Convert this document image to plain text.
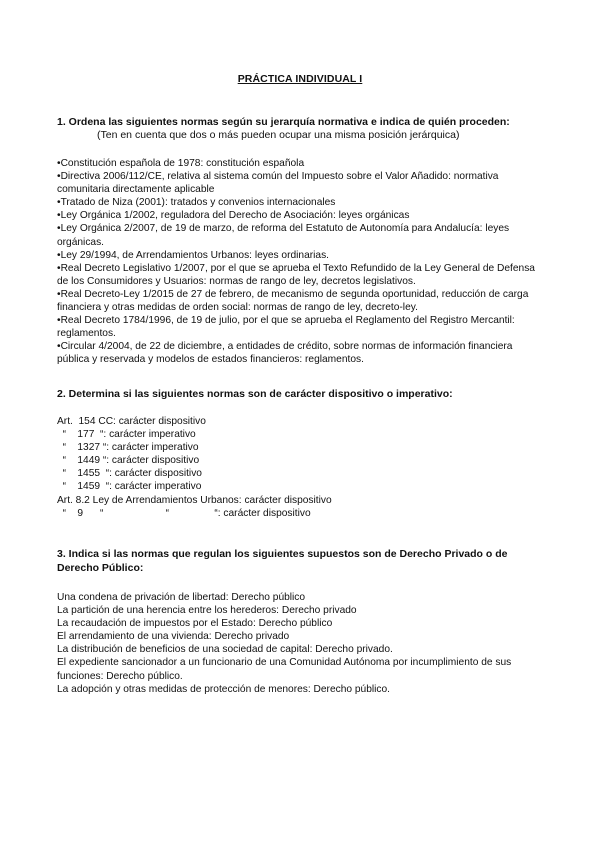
PRÁCTICA INDIVIDUAL I
1. Ordena las siguientes normas según su jerarquía normativa e indica de quién proceden:
(Ten en cuenta que dos o más pueden ocupar una misma posición jerárquica)
•Constitución española de 1978: constitución española
•Directiva 2006/112/CE, relativa al sistema común del Impuesto sobre el Valor Añadido: normativa comunitaria directamente aplicable
•Tratado de Niza (2001): tratados y convenios internacionales
•Ley Orgánica 1/2002, reguladora del Derecho de Asociación: leyes orgánicas
•Ley Orgánica 2/2007, de 19 de marzo, de reforma del Estatuto de Autonomía para Andalucía: leyes orgánicas.
•Ley 29/1994, de Arrendamientos Urbanos: leyes ordinarias.
•Real Decreto Legislativo 1/2007, por el que se aprueba el Texto Refundido de la Ley General de Defensa de los Consumidores y Usuarios: normas de rango de ley, decretos legislativos.
•Real Decreto-Ley 1/2015 de 27 de febrero, de mecanismo de segunda oportunidad, reducción de carga financiera y otras medidas de orden social: normas de rango de ley, decreto-ley.
•Real Decreto 1784/1996, de 19 de julio, por el que se aprueba el Reglamento del Registro Mercantil: reglamentos.
•Circular 4/2004, de 22 de diciembre, a entidades de crédito, sobre normas de información financiera pública y reservada y modelos de estados financieros: reglamentos.
2. Determina si las siguientes normas son de carácter dispositivo o imperativo:
Art.  154 CC: carácter dispositivo
“    177  “: carácter imperativo
“    1327 “: carácter imperativo
“    1449 “: carácter dispositivo
“    1455  “: carácter dispositivo
“    1459  “: carácter imperativo
Art. 8.2 Ley de Arrendamientos Urbanos: carácter dispositivo
“    9      “                      “                “: carácter dispositivo
3. Indica si las normas que regulan los siguientes supuestos son de Derecho Privado o de Derecho Público:
Una condena de privación de libertad: Derecho público
La partición de una herencia entre los herederos: Derecho privado
La recaudación de impuestos por el Estado: Derecho público
El arrendamiento de una vivienda: Derecho privado
La distribución de beneficios de una sociedad de capital: Derecho privado.
El expediente sancionador a un funcionario de una Comunidad Autónoma por incumplimiento de sus funciones: Derecho público.
La adopción y otras medidas de protección de menores: Derecho público.
